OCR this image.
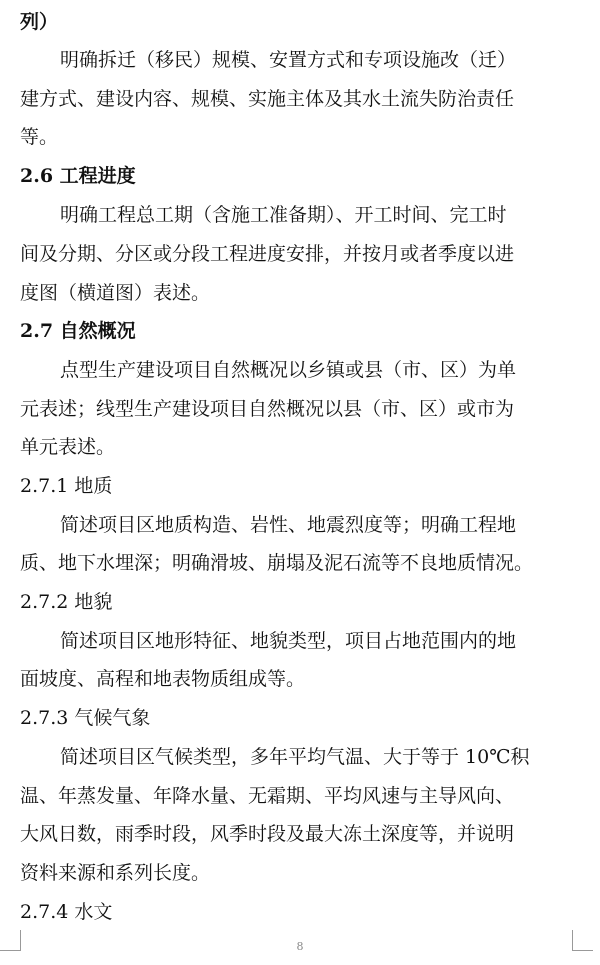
列）
明确拆迁（移民）规模、安置方式和专项设施改（迁）
建方式、建设内容、规模、实施主体及其水土流失防治责任
等。
2.6 工程进度
明确工程总工期（含施工准备期）、开工时间、完工时
间及分期、分区或分段工程进度安排，并按月或者季度以进
度图（横道图）表述。
2.7 自然概况
点型生产建设项目自然概况以乡镇或县（市、区）为单
元表述；线型生产建设项目自然概况以县（市、区）或市为
单元表述。
2.7.1 地质
简述项目区地质构造、岩性、地震烈度等；明确工程地
质、地下水埋深；明确滑坡、崩塌及泥石流等不良地质情况。
2.7.2 地貌
简述项目区地形特征、地貌类型，项目占地范围内的地
面坡度、高程和地表物质组成等。
2.7.3 气候气象
简述项目区气候类型，多年平均气温、大于等于 10℃积
温、年蒸发量、年降水量、无霜期、平均风速与主导风向、
大风日数，雨季时段，风季时段及最大冻土深度等，并说明
资料来源和系列长度。
2.7.4 水文
8
